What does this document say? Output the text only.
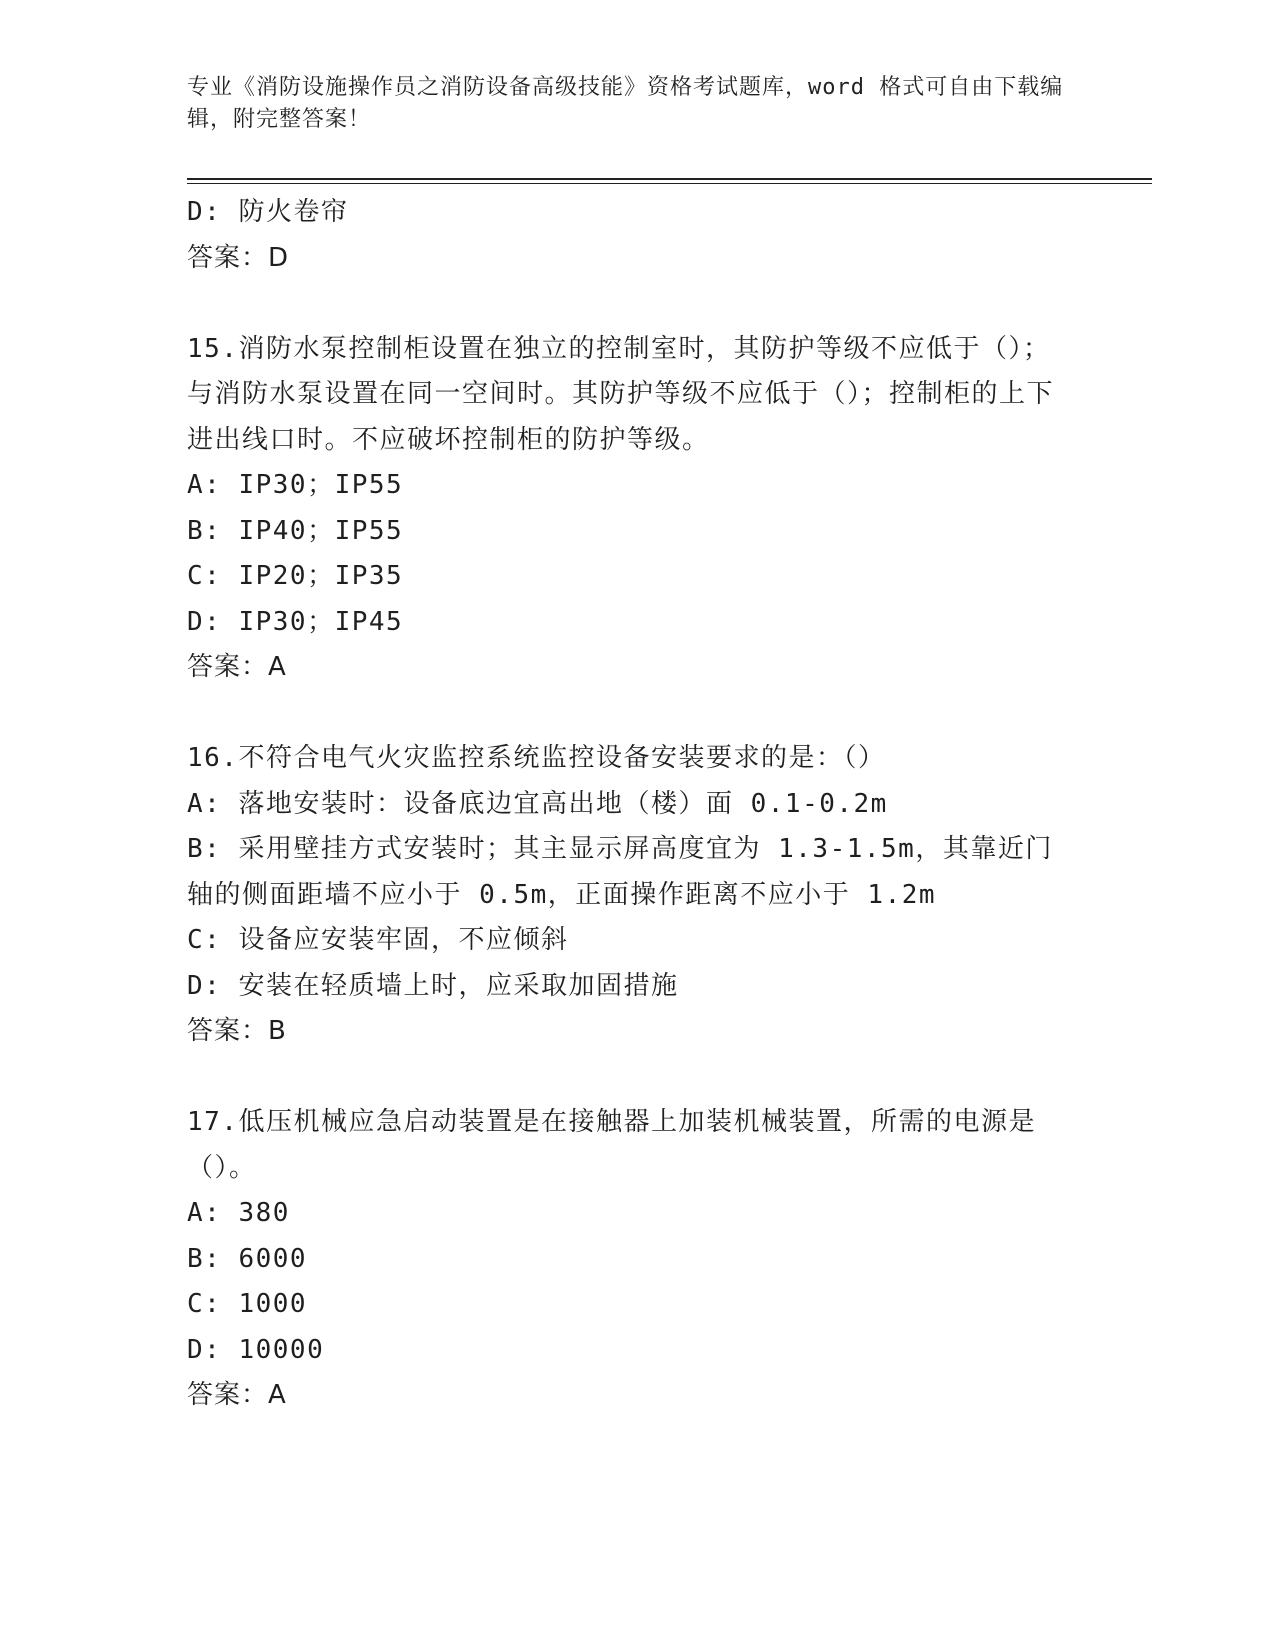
专业《消防设施操作员之消防设备高级技能》资格考试题库，word 格式可自由下载编辑，附完整答案！

D: 防火卷帘

答案：D

15.消防水泵控制柜设置在独立的控制室时，其防护等级不应低于（）；与消防水泵设置在同一空间时。其防护等级不应低于（）；控制柜的上下进出线口时。不应破坏控制柜的防护等级。

A: IP30；IP55

B: IP40；IP55

C: IP20；IP35

D: IP30；IP45

答案：A

16.不符合电气火灾监控系统监控设备安装要求的是：（）

A: 落地安装时：设备底边宜高出地（楼）面 0.1-0.2m

B: 采用壁挂方式安装时；其主显示屏高度宜为 1.3-1.5m，其靠近门轴的侧面距墙不应小于 0.5m，正面操作距离不应小于 1.2m

C: 设备应安装牢固，不应倾斜

D: 安装在轻质墙上时，应采取加固措施

答案：B

17.低压机械应急启动装置是在接触器上加装机械装置，所需的电源是（）。

A: 380

B: 6000

C: 1000

D: 10000

答案：A
